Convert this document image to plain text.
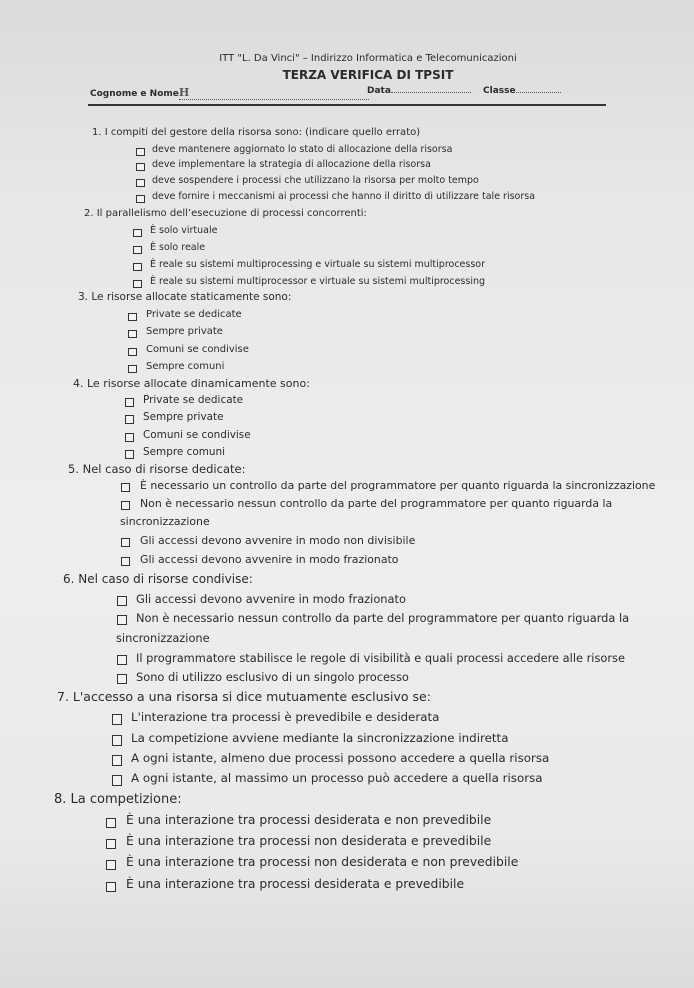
ITT "L. Da Vinci" – Indirizzo Informatica e Telecomunicazioni
TERZA VERIFICA DI TPSIT
Cognome e NomeH	Data	Classe
1. I compiti del gestore della risorsa sono: (indicare quello errato)
deve mantenere aggiornato lo stato di allocazione della risorsa
deve implementare la strategia di allocazione della risorsa
deve sospendere i processi che utilizzano la risorsa per molto tempo
deve fornire i meccanismi ai processi che hanno il diritto di utilizzare tale risorsa
2. Il parallelismo dell’esecuzione di processi concorrenti:
È solo virtuale
È solo reale
È reale su sistemi multiprocessing e virtuale su sistemi multiprocessor
È reale su sistemi multiprocessor e virtuale su sistemi multiprocessing
3. Le risorse allocate staticamente sono:
Private se dedicate
Sempre private
Comuni se condivise
Sempre comuni
4. Le risorse allocate dinamicamente sono:
Private se dedicate
Sempre private
Comuni se condivise
Sempre comuni
5. Nel caso di risorse dedicate:
È necessario un controllo da parte del programmatore per quanto riguarda la sincronizzazione
Non è necessario nessun controllo da parte del programmatore per quanto riguarda la
Gli accessi devono avvenire in modo non divisibile
Gli accessi devono avvenire in modo frazionato
sincronizzazione
6. Nel caso di risorse condivise:
Gli accessi devono avvenire in modo frazionato
Non è necessario nessun controllo da parte del programmatore per quanto riguarda la
Il programmatore stabilisce le regole di visibilità e quali processi accedere alle risorse
Sono di utilizzo esclusivo di un singolo processo
sincronizzazione
7. L'accesso a una risorsa si dice mutuamente esclusivo se:
L'interazione tra processi è prevedibile e desiderata
La competizione avviene mediante la sincronizzazione indiretta
A ogni istante, almeno due processi possono accedere a quella risorsa
A ogni istante, al massimo un processo può accedere a quella risorsa
8. La competizione:
È una interazione tra processi desiderata e non prevedibile
È una interazione tra processi non desiderata e prevedibile
È una interazione tra processi non desiderata e non prevedibile
È una interazione tra processi desiderata e prevedibile
